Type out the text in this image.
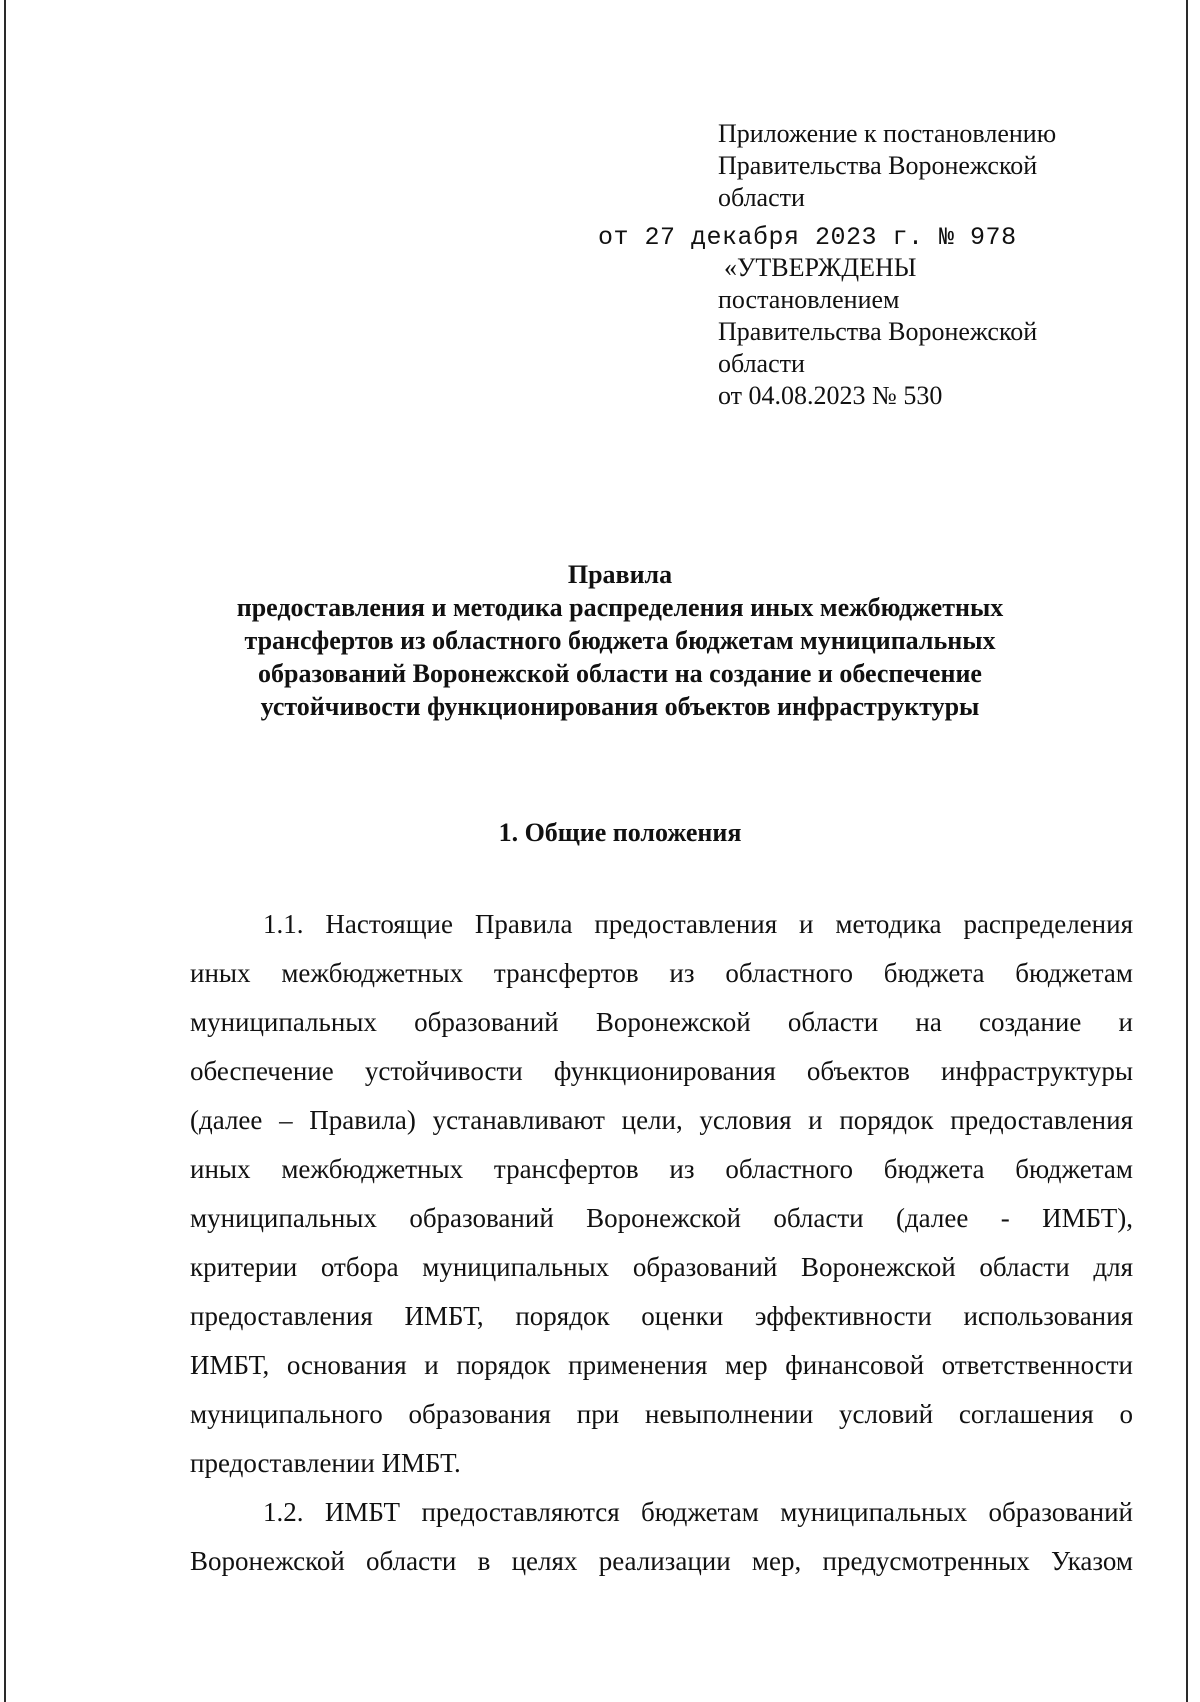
Приложение к постановлению
Правительства Воронежской
области
от 27 декабря 2023 г. № 978
«УТВЕРЖДЕНЫ
постановлением
Правительства Воронежской
области
от 04.08.2023 № 530
Правила
предоставления и методика распределения иных межбюджетных
трансфертов из областного бюджета бюджетам муниципальных
образований Воронежской области на создание и обеспечение
устойчивости функционирования объектов инфраструктуры
1. Общие положения
1.1. Настоящие Правила предоставления и методика распределения
иных межбюджетных трансфертов из областного бюджета бюджетам
муниципальных образований Воронежской области на создание и
обеспечение устойчивости функционирования объектов инфраструктуры
(далее – Правила) устанавливают цели, условия и порядок предоставления
иных межбюджетных трансфертов из областного бюджета бюджетам
муниципальных образований Воронежской области (далее - ИМБТ),
критерии отбора муниципальных образований Воронежской области для
предоставления ИМБТ, порядок оценки эффективности использования
ИМБТ, основания и порядок применения мер финансовой ответственности
муниципального образования при невыполнении условий соглашения о
предоставлении ИМБТ.
1.2. ИМБТ предоставляются бюджетам муниципальных образований
Воронежской области в целях реализации мер, предусмотренных Указом
